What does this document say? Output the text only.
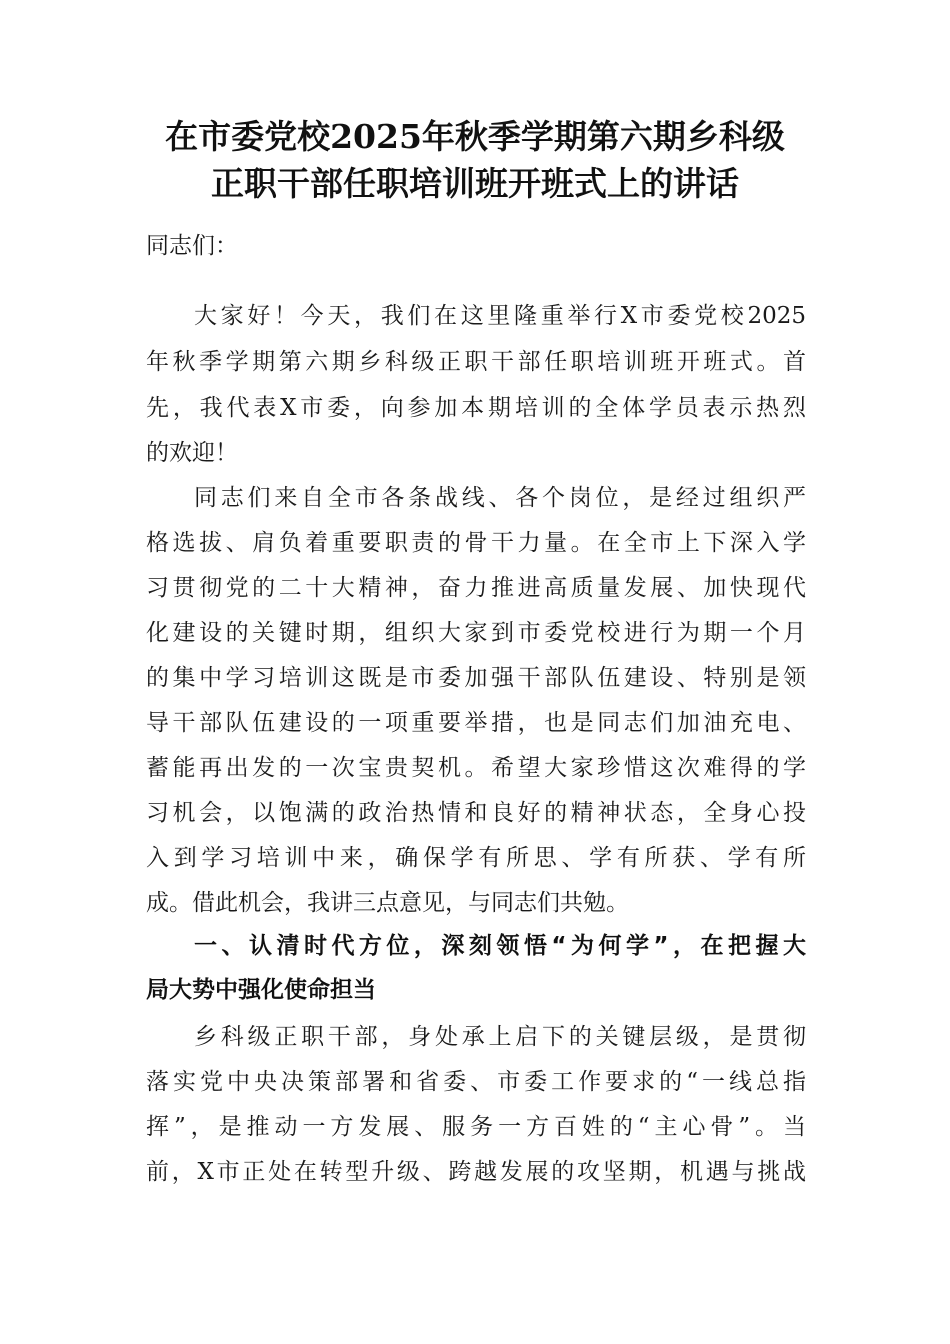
在市委党校2025年秋季学期第六期乡科级
正职干部任职培训班开班式上的讲话
同志们：
大家好！今天，我们在这里隆重举行X市委党校2025
年秋季学期第六期乡科级正职干部任职培训班开班式。首
先，我代表X市委，向参加本期培训的全体学员表示热烈
的欢迎！
同志们来自全市各条战线、各个岗位，是经过组织严
格选拔、肩负着重要职责的骨干力量。在全市上下深入学
习贯彻党的二十大精神，奋力推进高质量发展、加快现代
化建设的关键时期，组织大家到市委党校进行为期一个月
的集中学习培训这既是市委加强干部队伍建设、特别是领
导干部队伍建设的一项重要举措，也是同志们加油充电、
蓄能再出发的一次宝贵契机。希望大家珍惜这次难得的学
习机会，以饱满的政治热情和良好的精神状态，全身心投
入到学习培训中来，确保学有所思、学有所获、学有所
成。借此机会，我讲三点意见，与同志们共勉。
一、认清时代方位，深刻领悟“为何学”，在把握大
局大势中强化使命担当
乡科级正职干部，身处承上启下的关键层级，是贯彻
落实党中央决策部署和省委、市委工作要求的“一线总指
挥”，是推动一方发展、服务一方百姓的“主心骨”。当
前，X市正处在转型升级、跨越发展的攻坚期，机遇与挑战
